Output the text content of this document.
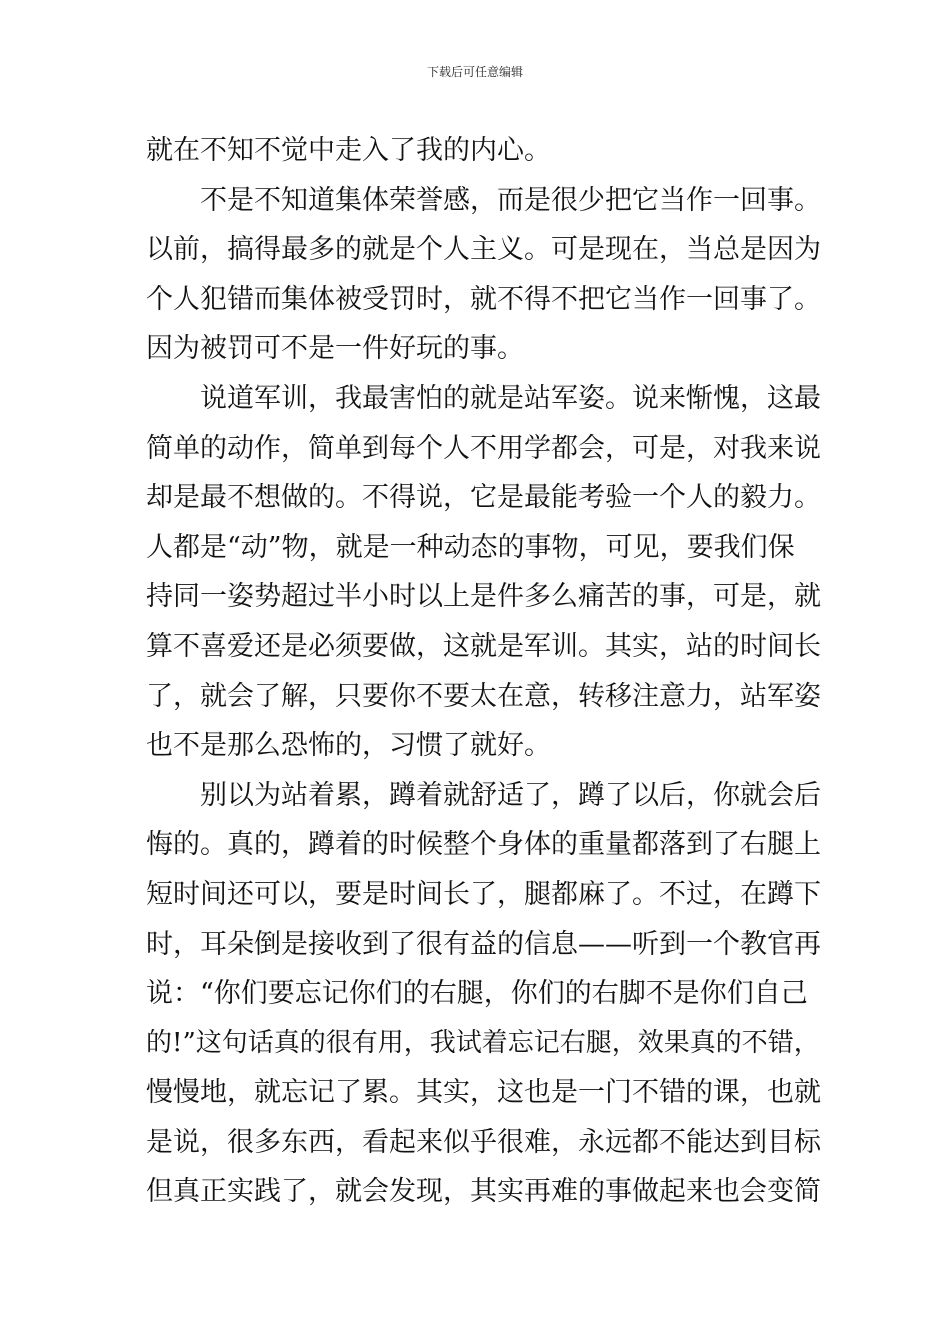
下载后可任意编辑
就在不知不觉中走入了我的内心。
不是不知道集体荣誉感，而是很少把它当作一回事。
以前，搞得最多的就是个人主义。可是现在，当总是因为
个人犯错而集体被受罚时，就不得不把它当作一回事了。
因为被罚可不是一件好玩的事。
说道军训，我最害怕的就是站军姿。说来惭愧，这最
简单的动作，简单到每个人不用学都会，可是，对我来说
却是最不想做的。不得说，它是最能考验一个人的毅力。
人都是“动”物，就是一种动态的事物，可见，要我们保
持同一姿势超过半小时以上是件多么痛苦的事，可是，就
算不喜爱还是必须要做，这就是军训。其实，站的时间长
了，就会了解，只要你不要太在意，转移注意力，站军姿
也不是那么恐怖的，习惯了就好。
别以为站着累，蹲着就舒适了，蹲了以后，你就会后
悔的。真的，蹲着的时候整个身体的重量都落到了右腿上
短时间还可以，要是时间长了，腿都麻了。不过，在蹲下
时，耳朵倒是接收到了很有益的信息——听到一个教官再
说：“你们要忘记你们的右腿，你们的右脚不是你们自己
的!”这句话真的很有用，我试着忘记右腿，效果真的不错，
慢慢地，就忘记了累。其实，这也是一门不错的课，也就
是说，很多东西，看起来似乎很难，永远都不能达到目标
但真正实践了，就会发现，其实再难的事做起来也会变简
